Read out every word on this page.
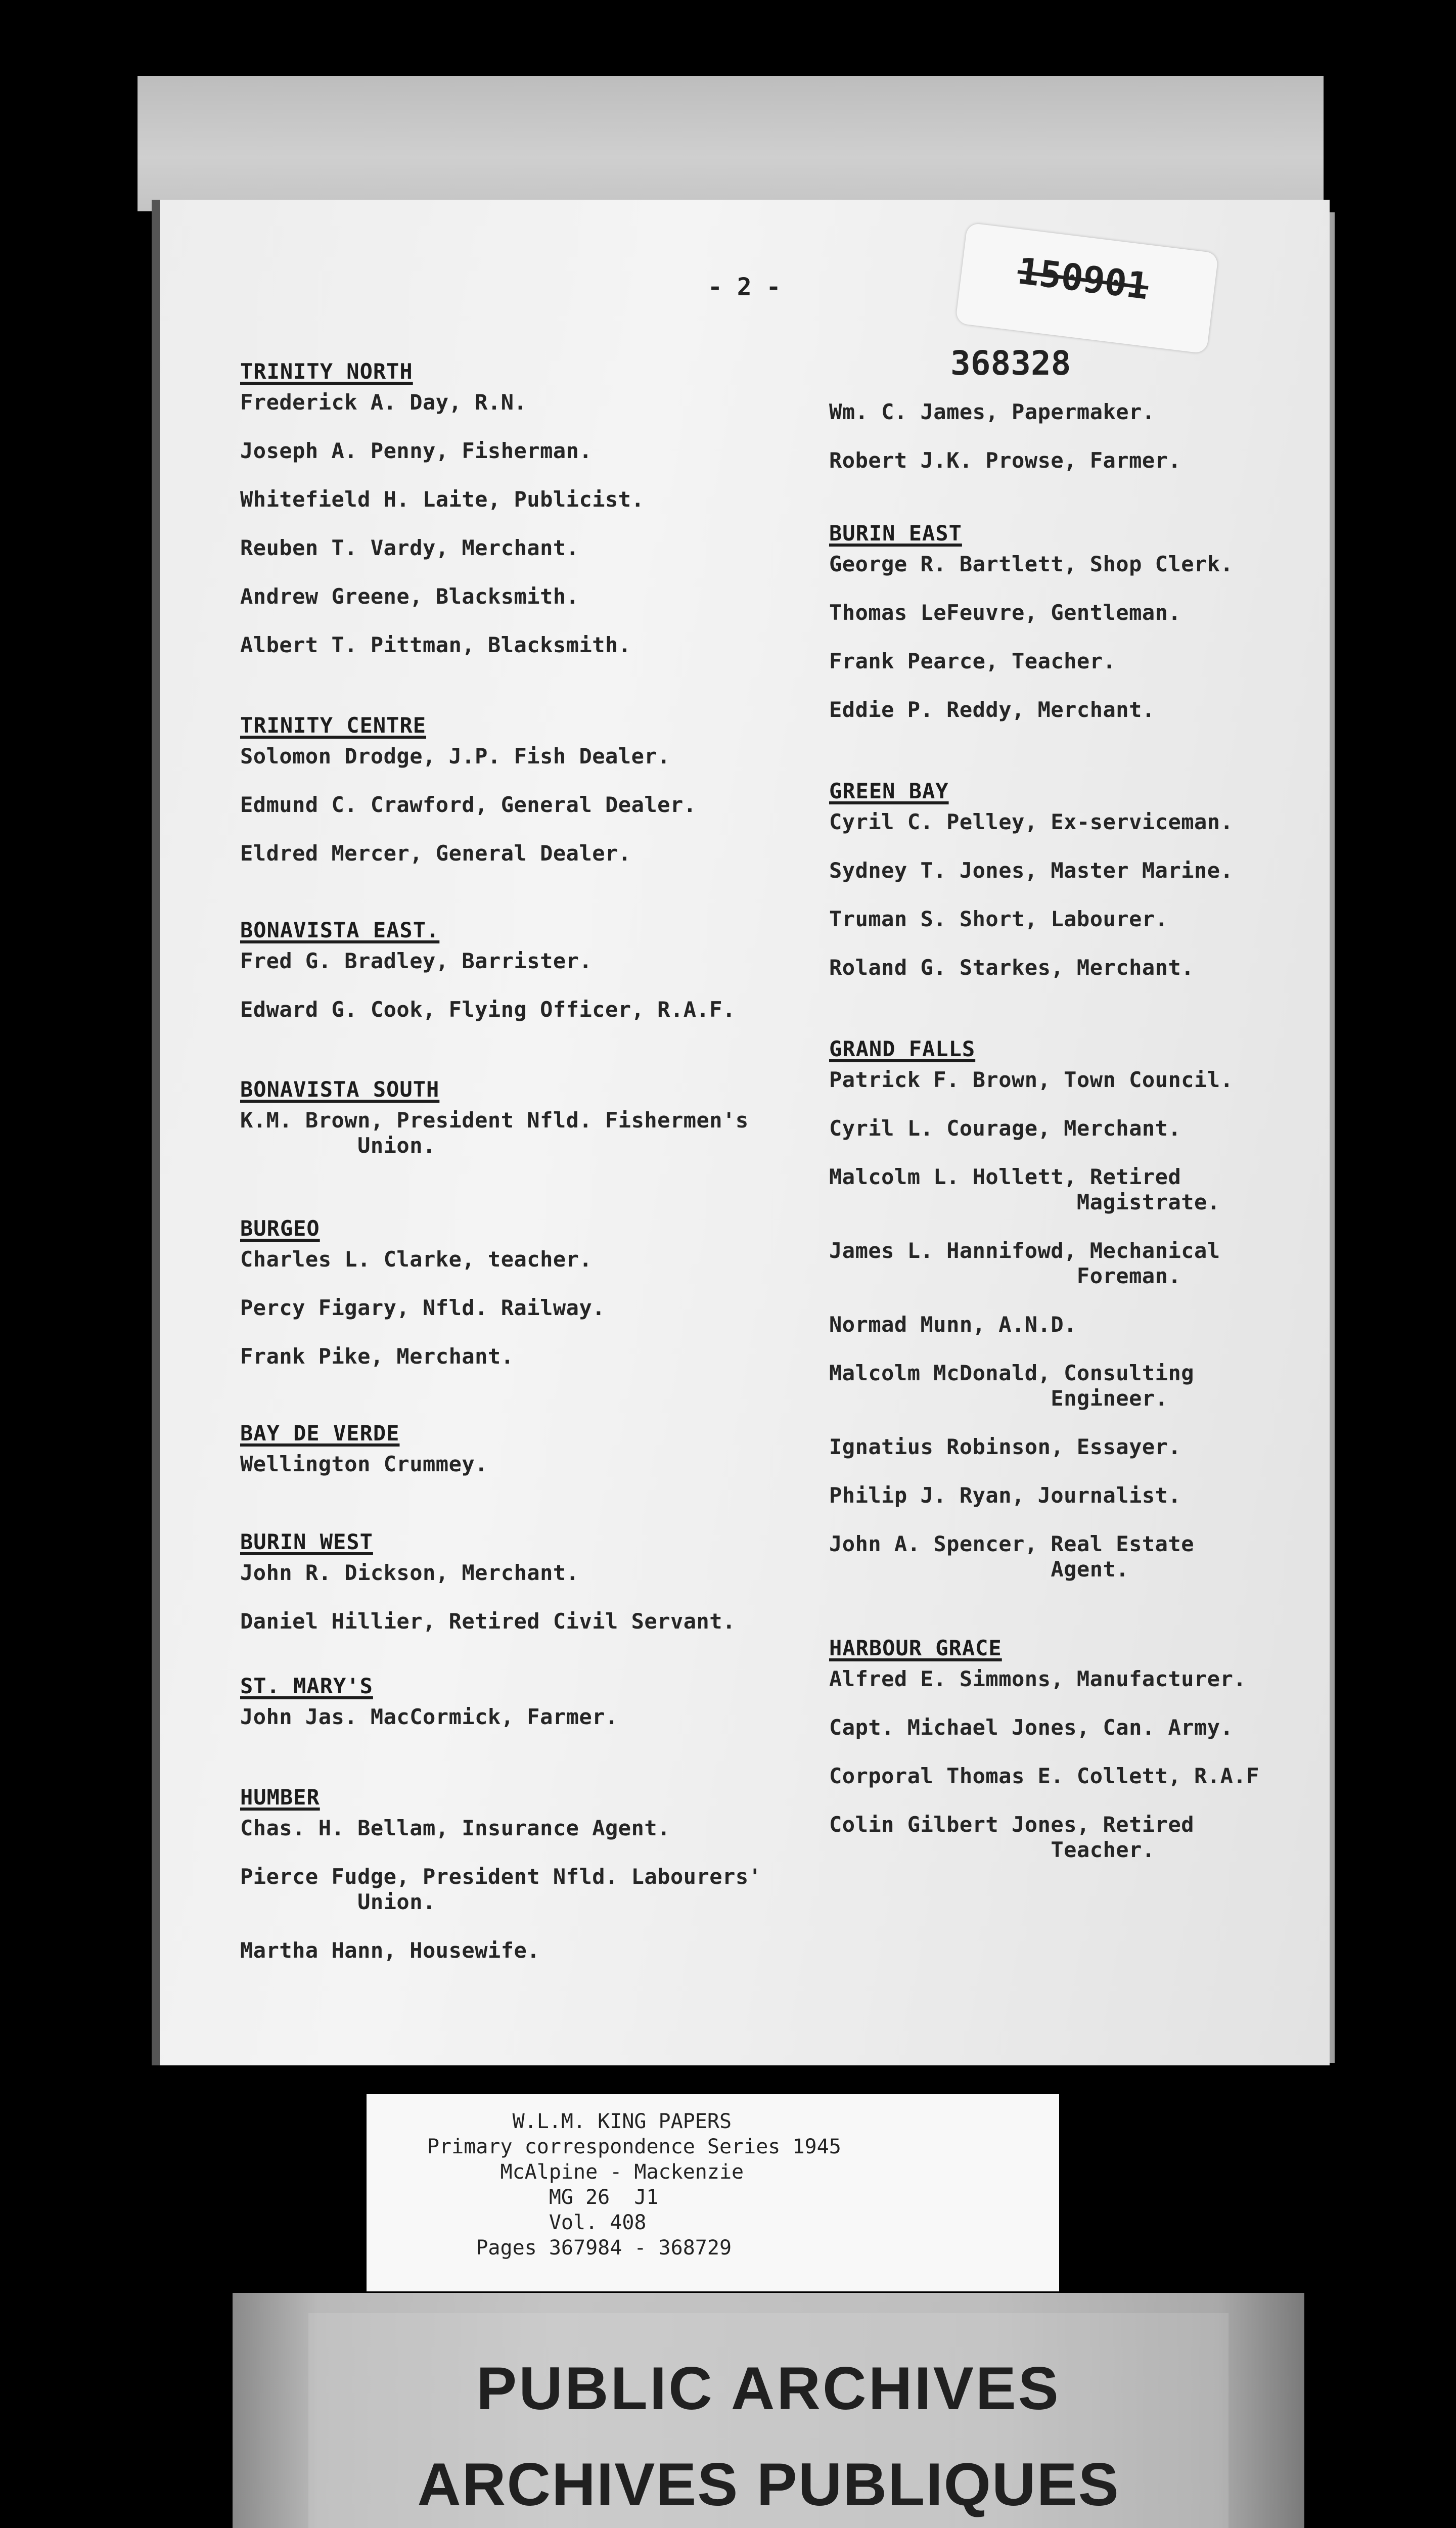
- 2 -	150901
368328
TRINITY NORTH
Frederick A. Day, R.N.
Joseph A. Penny, Fisherman.
Whitefield H. Laite, Publicist.
Reuben T. Vardy, Merchant.
Andrew Greene, Blacksmith.
Albert T. Pittman, Blacksmith.
TRINITY CENTRE
Solomon Drodge, J.P. Fish Dealer.
Edmund C. Crawford, General Dealer.
Eldred Mercer, General Dealer.
BONAVISTA EAST.
Fred G. Bradley, Barrister.
Edward G. Cook, Flying Officer, R.A.F.
BONAVISTA SOUTH
K.M. Brown, President Nfld. Fishermen's
Union.
BURGEO
Charles L. Clarke, teacher.
Percy Figary, Nfld. Railway.
Frank Pike, Merchant.
BAY DE VERDE
Wellington Crummey.
BURIN WEST
John R. Dickson, Merchant.
Daniel Hillier, Retired Civil Servant.
ST. MARY'S
John Jas. MacCormick, Farmer.
HUMBER
Chas. H. Bellam, Insurance Agent.
Pierce Fudge, President Nfld. Labourers'
Union.
Martha Hann, Housewife.
Wm. C. James, Papermaker.
Robert J.K. Prowse, Farmer.
BURIN EAST
George R. Bartlett, Shop Clerk.
Thomas LeFeuvre, Gentleman.
Frank Pearce, Teacher.
Eddie P. Reddy, Merchant.
GREEN BAY
Cyril C. Pelley, Ex-serviceman.
Sydney T. Jones, Master Marine.
Truman S. Short, Labourer.
Roland G. Starkes, Merchant.
GRAND FALLS
Patrick F. Brown, Town Council.
Cyril L. Courage, Merchant.
Malcolm L. Hollett, Retired
Magistrate.
James L. Hannifowd, Mechanical
Foreman.
Normad Munn, A.N.D.
Malcolm McDonald, Consulting
Engineer.
Ignatius Robinson, Essayer.
Philip J. Ryan, Journalist.
John A. Spencer, Real Estate
Agent.
HARBOUR GRACE
Alfred E. Simmons, Manufacturer.
Capt. Michael Jones, Can. Army.
Corporal Thomas E. Collett, R.A.F
Colin Gilbert Jones, Retired
Teacher.
W.L.M. KING PAPERS
Primary correspondence Series 1945
McAlpine - Mackenzie
MG 26  J1
Vol. 408
Pages 367984 - 368729
PUBLIC ARCHIVES
ARCHIVES PUBLIQUES
